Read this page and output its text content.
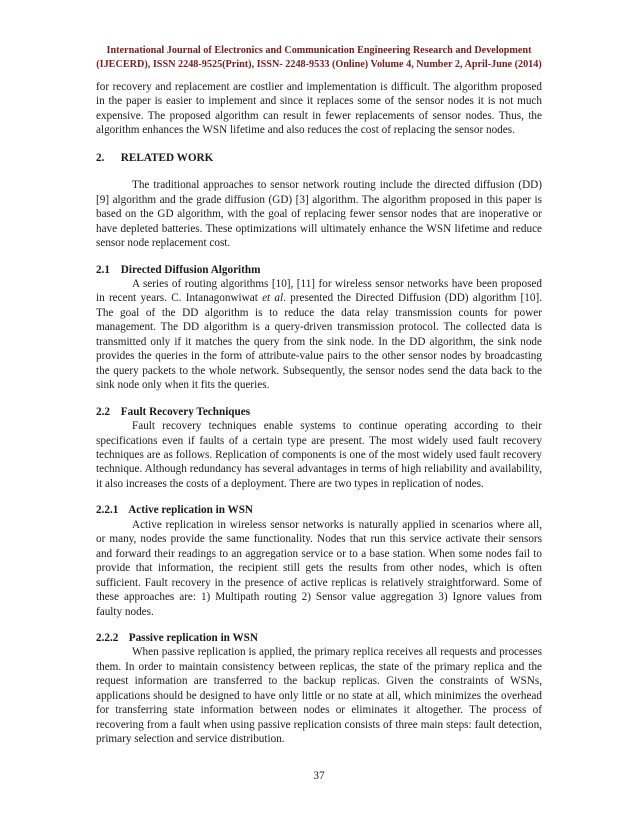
International Journal of Electronics and Communication Engineering Research and Development
(IJECERD), ISSN 2248-9525(Print), ISSN- 2248-9533 (Online) Volume 4, Number 2, April-June (2014)

for recovery and replacement are costlier and implementation is difficult. The algorithm proposed in the paper is easier to implement and since it replaces some of the sensor nodes it is not much expensive. The proposed algorithm can result in fewer replacements of sensor nodes. Thus, the algorithm enhances the WSN lifetime and also reduces the cost of replacing the sensor nodes.

2. RELATED WORK

The traditional approaches to sensor network routing include the directed diffusion (DD) [9] algorithm and the grade diffusion (GD) [3] algorithm. The algorithm proposed in this paper is based on the GD algorithm, with the goal of replacing fewer sensor nodes that are inoperative or have depleted batteries. These optimizations will ultimately enhance the WSN lifetime and reduce sensor node replacement cost.

2.1 Directed Diffusion Algorithm

A series of routing algorithms [10], [11] for wireless sensor networks have been proposed in recent years. C. Intanagonwiwat et al. presented the Directed Diffusion (DD) algorithm [10]. The goal of the DD algorithm is to reduce the data relay transmission counts for power management. The DD algorithm is a query-driven transmission protocol. The collected data is transmitted only if it matches the query from the sink node. In the DD algorithm, the sink node provides the queries in the form of attribute-value pairs to the other sensor nodes by broadcasting the query packets to the whole network. Subsequently, the sensor nodes send the data back to the sink node only when it fits the queries.

2.2 Fault Recovery Techniques

Fault recovery techniques enable systems to continue operating according to their specifications even if faults of a certain type are present. The most widely used fault recovery techniques are as follows. Replication of components is one of the most widely used fault recovery technique. Although redundancy has several advantages in terms of high reliability and availability, it also increases the costs of a deployment. There are two types in replication of nodes.

2.2.1 Active replication in WSN

Active replication in wireless sensor networks is naturally applied in scenarios where all, or many, nodes provide the same functionality. Nodes that run this service activate their sensors and forward their readings to an aggregation service or to a base station. When some nodes fail to provide that information, the recipient still gets the results from other nodes, which is often sufficient. Fault recovery in the presence of active replicas is relatively straightforward. Some of these approaches are: 1) Multipath routing 2) Sensor value aggregation 3) Ignore values from faulty nodes.

2.2.2 Passive replication in WSN

When passive replication is applied, the primary replica receives all requests and processes them. In order to maintain consistency between replicas, the state of the primary replica and the request information are transferred to the backup replicas. Given the constraints of WSNs, applications should be designed to have only little or no state at all, which minimizes the overhead for transferring state information between nodes or eliminates it altogether. The process of recovering from a fault when using passive replication consists of three main steps: fault detection, primary selection and service distribution.

37
